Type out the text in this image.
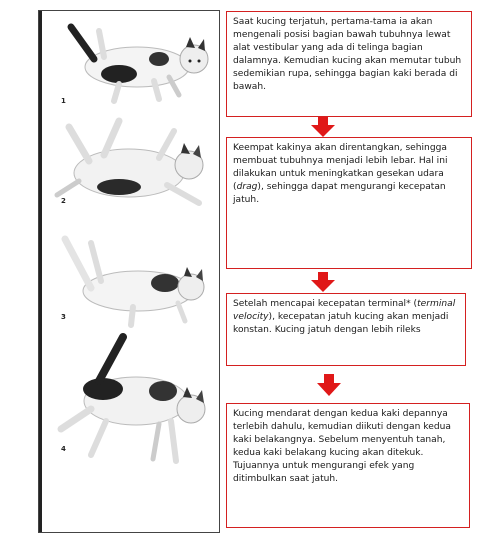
1
2
3
4

Saat kucing terjatuh, pertama-tama ia akan mengenali posisi bagian bawah tubuhnya lewat alat vestibular yang ada di telinga bagian dalamnya. Kemudian kucing akan memutar tubuh sedemikian rupa, sehingga bagian kaki berada di bawah.

Keempat kakinya akan direntangkan, sehingga membuat tubuhnya menjadi lebih lebar. Hal ini dilakukan untuk meningkatkan gesekan udara (drag), sehingga dapat mengurangi kecepatan jatuh.

Setelah mencapai kecepatan terminal* (terminal velocity), kecepatan jatuh kucing akan menjadi konstan. Kucing jatuh dengan lebih rileks

Kucing mendarat dengan kedua kaki depannya terlebih dahulu, kemudian diikuti dengan kedua kaki belakangnya. Sebelum menyentuh tanah, kedua kaki belakang kucing akan ditekuk. Tujuannya untuk mengurangi efek yang ditimbulkan saat jatuh.
